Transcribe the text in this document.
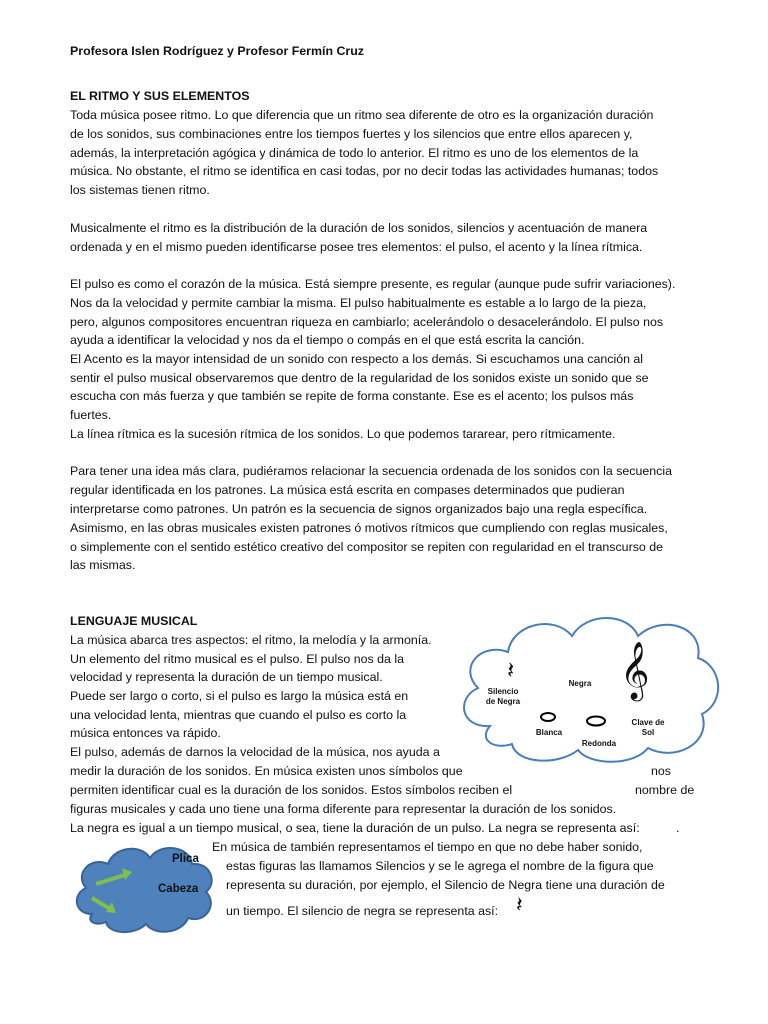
Profesora Islen Rodríguez y Profesor Fermín Cruz
EL RITMO Y SUS ELEMENTOS
Toda música posee ritmo. Lo que diferencia que un ritmo sea diferente de otro es la organización duración
de los sonidos, sus combinaciones entre los tiempos fuertes y los silencios que entre ellos aparecen y,
además, la interpretación agógica y dinámica de todo lo anterior. El ritmo es uno de los elementos de la
música. No obstante, el ritmo se identifica en casi todas, por no decir todas las actividades humanas; todos
los sistemas tienen ritmo.
Musicalmente el ritmo es la distribución de la duración de los sonidos, silencios y acentuación de manera
ordenada y en el mismo pueden identificarse posee tres elementos: el pulso, el acento y la línea rítmica.
El pulso es como el corazón de la música. Está siempre presente, es regular (aunque pude sufrir variaciones).
Nos da la velocidad y permite cambiar la misma. El pulso habitualmente es estable a lo largo de la pieza,
pero, algunos compositores encuentran riqueza en cambiarlo; acelerándolo o desacelerándolo. El pulso nos
ayuda a identificar la velocidad y nos da el tiempo o compás en el que está escrita la canción.
El Acento es la mayor intensidad de un sonido con respecto a los demás. Si escuchamos una canción al
sentir el pulso musical observaremos que dentro de la regularidad de los sonidos existe un sonido que se
escucha con más fuerza y que también se repite de forma constante. Ese es el acento; los pulsos más
fuertes.
La línea rítmica es la sucesión rítmica de los sonidos. Lo que podemos tararear, pero rítmicamente.
Para tener una idea más clara, pudiéramos relacionar la secuencia ordenada de los sonidos con la secuencia
regular identificada en los patrones. La música está escrita en compases determinados que pudieran
interpretarse como patrones. Un patrón es la secuencia de signos organizados bajo una regla específica.
Asimismo, en las obras musicales existen patrones ó motivos rítmicos que cumpliendo con reglas musicales,
o simplemente con el sentido estético creativo del compositor se repiten con regularidad en el transcurso de
las mismas.
𝄽
Silencio
de Negra
Negra 𝄞
Blanca
Redonda
Clave de
Sol
LENGUAJE MUSICAL
La música abarca tres aspectos: el ritmo, la melodía y la armonía.
Un elemento del ritmo musical es el pulso. El pulso nos da la
velocidad y representa la duración de un tiempo musical.
Puede ser largo o corto, si el pulso es largo la música está en
una velocidad lenta, mientras que cuando el pulso es corto la
música entonces va rápido.
El pulso, además de darnos la velocidad de la música, nos ayuda a
medir la duración de los sonidos. En música existen unos símbolos que	nos
permiten identificar cual es la duración de los sonidos. Estos símbolos reciben el	nombre de
figuras musicales y cada uno tiene una forma diferente para representar la duración de los sonidos.
La negra es igual a un tiempo musical, o sea, tiene la duración de un pulso. La negra se representa así:	.
Plica
Cabeza
En música de también representamos el tiempo en que no debe haber sonido,
estas figuras las llamamos Silencios y se le agrega el nombre de la figura que
representa su duración, por ejemplo, el Silencio de Negra tiene una duración de
un tiempo. El silencio de negra se representa así: 𝄽
